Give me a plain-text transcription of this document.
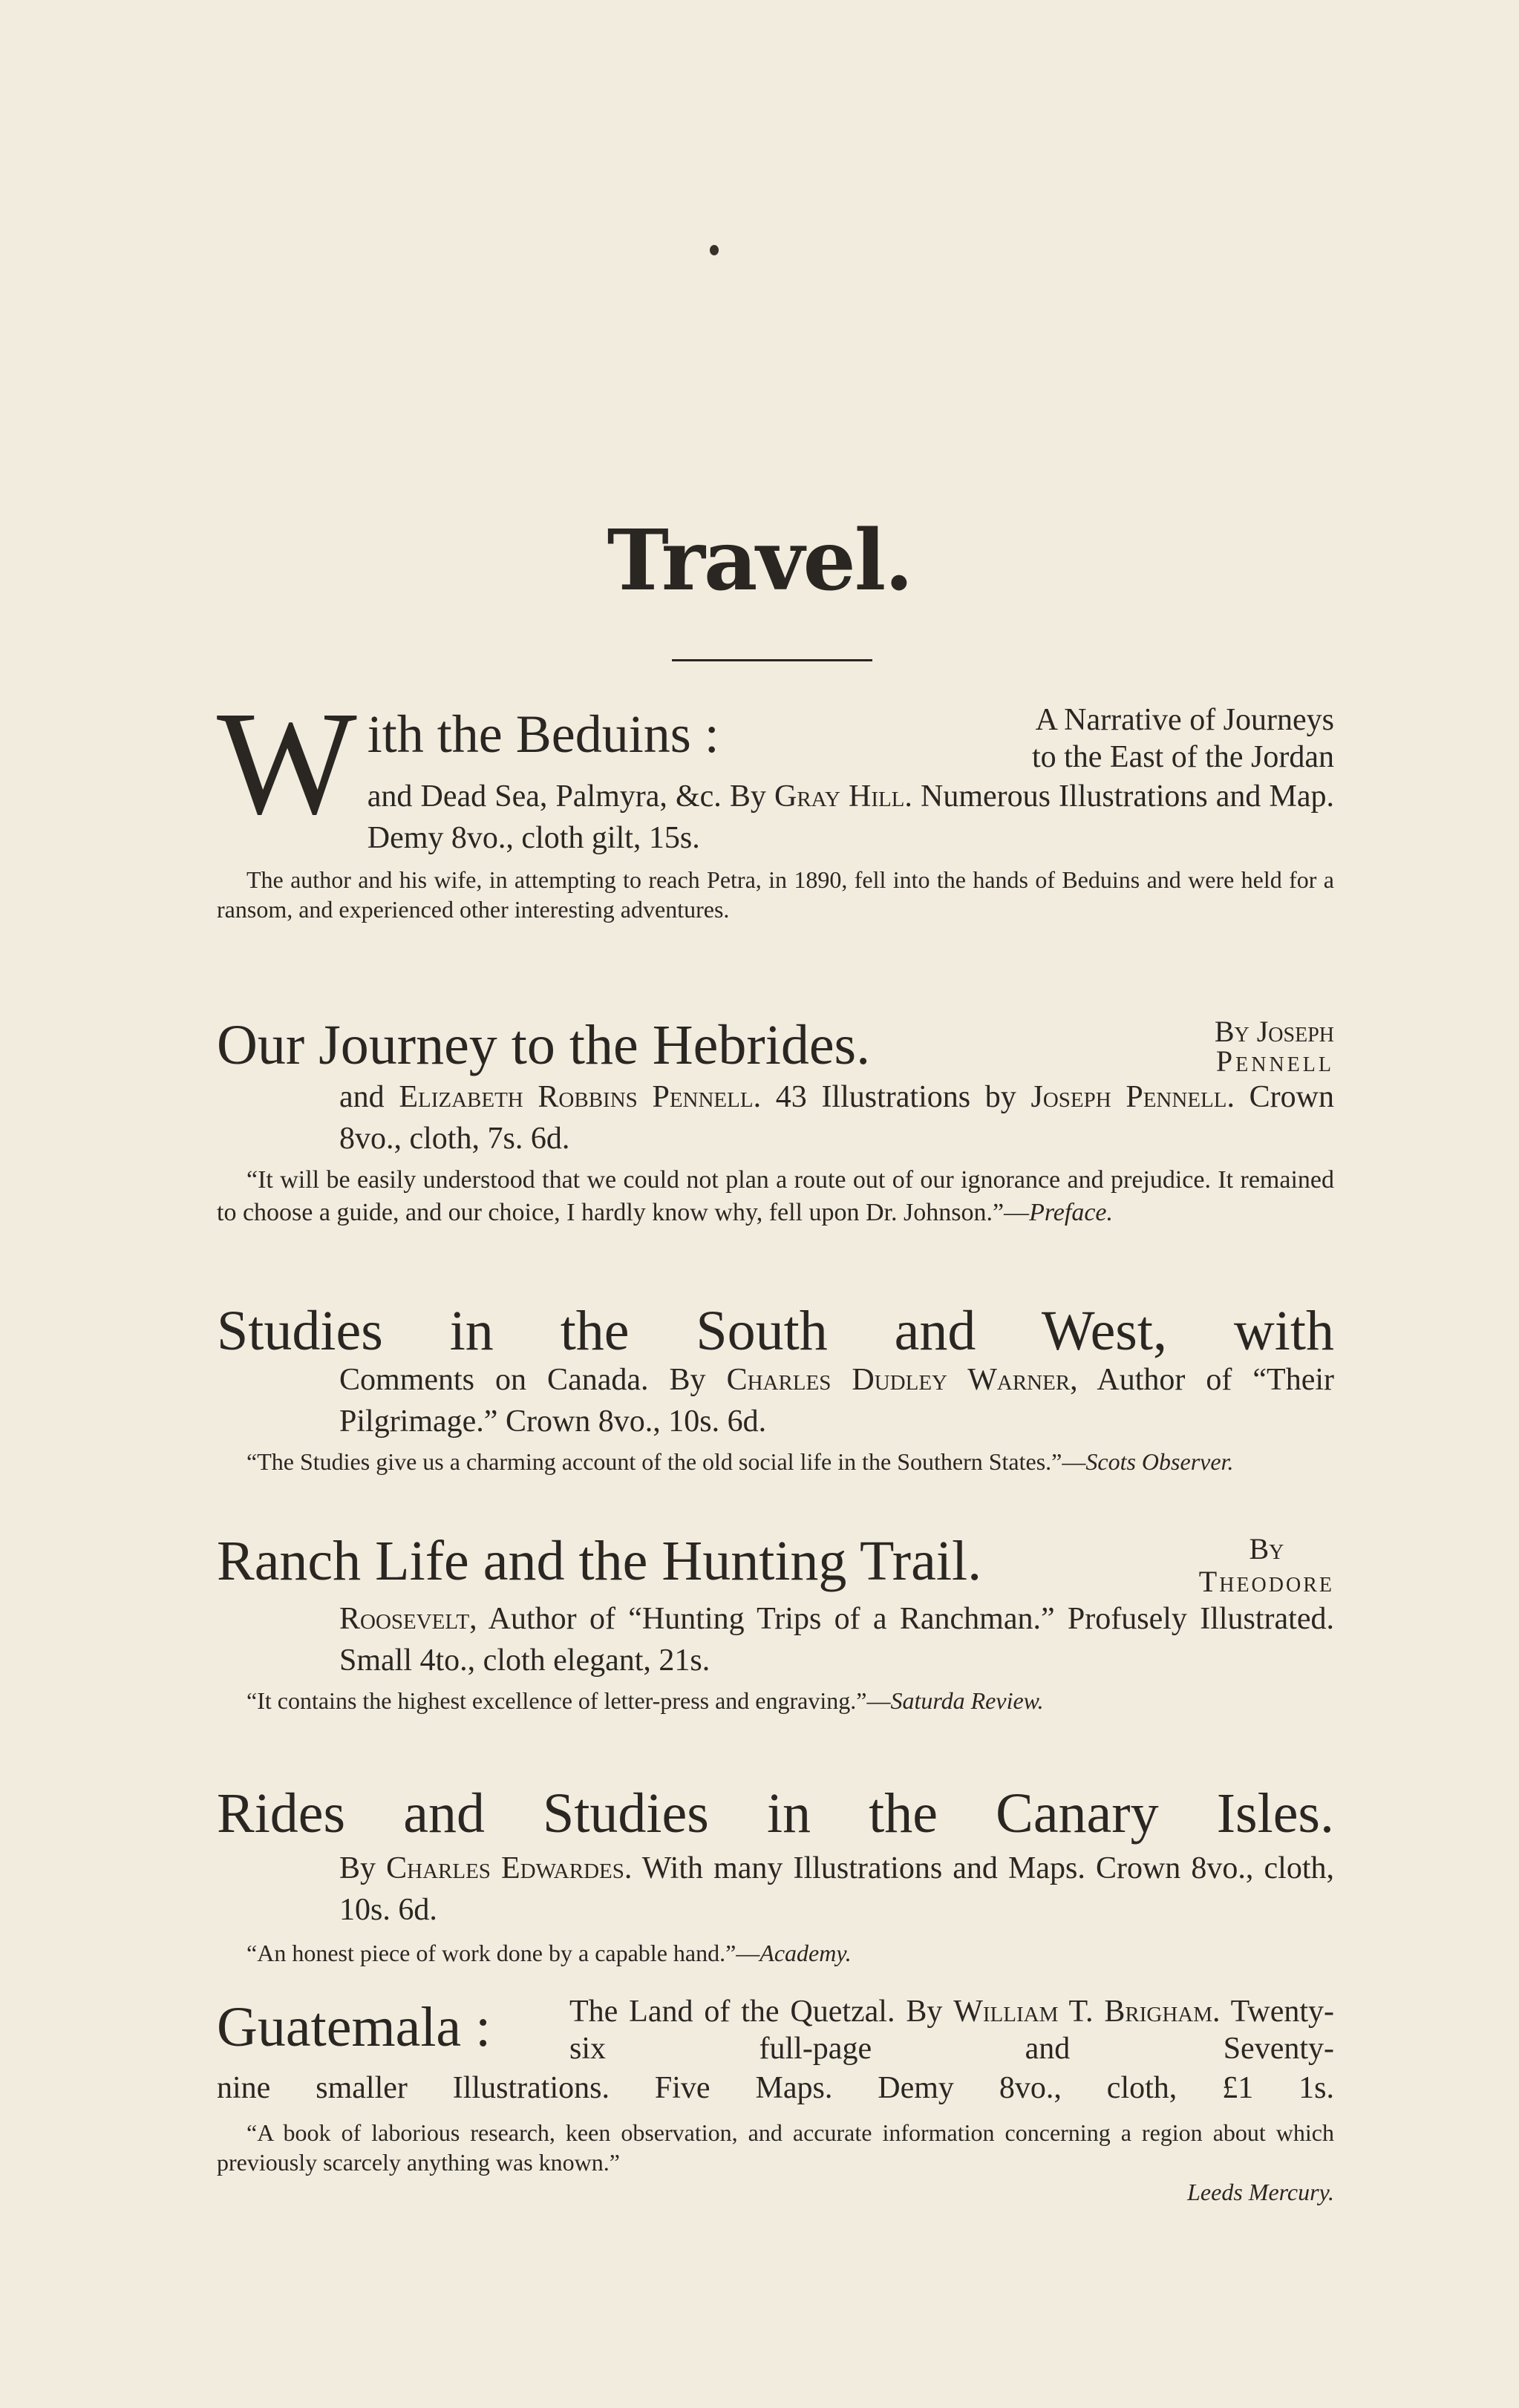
Travel.
W ith the Beduins :	A Narrative of Journeys
to the East of the Jordan
and Dead Sea, Palmyra, &c. By Gray Hill. Numerous Illustrations and Map. Demy 8vo., cloth gilt, 15s.
The author and his wife, in attempting to reach Petra, in 1890, fell into the hands of Beduins and were held for a ransom, and experienced other interesting adventures.
Our Journey to the Hebrides.	By Joseph
Pennell
and Elizabeth Robbins Pennell. 43 Illustrations by Joseph Pennell. Crown 8vo., cloth, 7s. 6d.
“It will be easily understood that we could not plan a route out of our ignorance and prejudice. It remained to choose a guide, and our choice, I hardly know why, fell upon Dr. Johnson.”—Preface.
Studies in the South and West, with
Comments on Canada. By Charles Dudley Warner, Author of “Their Pilgrimage.” Crown 8vo., 10s. 6d.
“The Studies give us a charming account of the old social life in the Southern States.”—Scots Observer.
Ranch Life and the Hunting Trail.	By
Theodore
Roosevelt, Author of “Hunting Trips of a Ranchman.” Profusely Illustrated. Small 4to., cloth elegant, 21s.
“It contains the highest excellence of letter-press and engraving.”—Saturda Review.
Rides and Studies in the Canary Isles.
By Charles Edwardes. With many Illustrations and Maps. Crown 8vo., cloth, 10s. 6d.
“An honest piece of work done by a capable hand.”—Academy.
Guatemala :	The Land of the Quetzal. By William T. Brigham. Twenty-six full-page and Seventy-
nine smaller Illustrations. Five Maps. Demy 8vo., cloth, £1 1s.
“A book of laborious research, keen observation, and accurate information concerning a region about which previously scarcely anything was known.”
Leeds Mercury.
